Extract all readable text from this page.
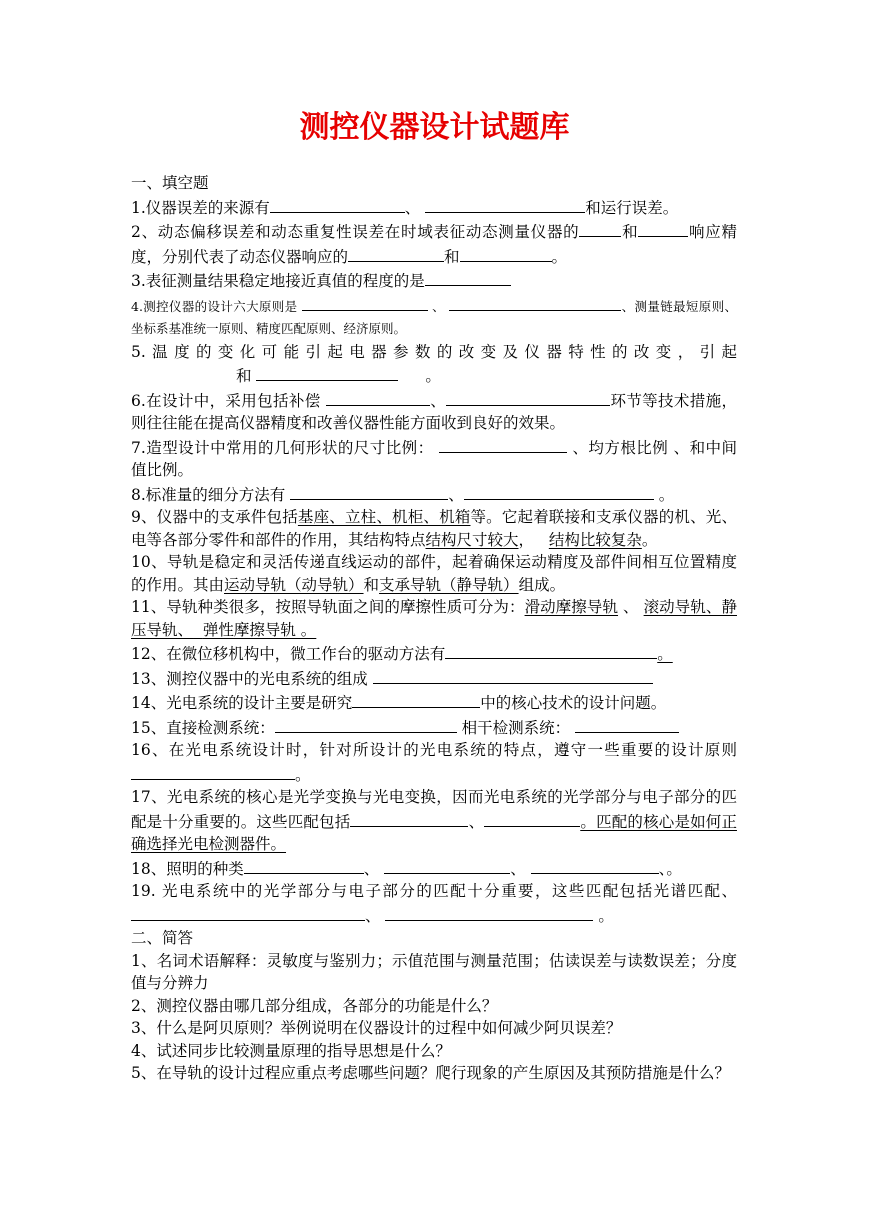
测控仪器设计试题库

一、填空题

1.仪器误差的来源有	、	和运行误差。

2、动态偏移误差和动态重复性误差在时域表征动态测量仪器的	和	响应精度，分别代表了动态仪器响应的	和	。

3.表征测量结果稳定地接近真值的程度的是

4.测控仪器的设计六大原则是	、	、测量链最短原则、坐标系基准统一原则、精度匹配原则、经济原则。

5.温度的变化可能引起电器参数的改变及仪器特性的改变，引起
和	。

6.在设计中，采用包括补偿	、	环节等技术措施，则往往能在提高仪器精度和改善仪器性能方面收到良好的效果。

7.造型设计中常用的几何形状的尺寸比例：	、均方根比例 、和中间值比例。

8.标准量的细分方法有	、	。

9、仪器中的支承件包括基座、立柱、机柜、机箱等。它起着联接和支承仪器的机、光、电等各部分零件和部件的作用，其结构特点结构尺寸较大， 结构比较复杂。

10、导轨是稳定和灵活传递直线运动的部件，起着确保运动精度及部件间相互位置精度的作用。其由运动导轨（动导轨）和支承导轨（静导轨）组成。

11、导轨种类很多，按照导轨面之间的摩擦性质可分为：滑动摩擦导轨 、 滚动导轨、静压导轨、 弹性摩擦导轨 。

12、在微位移机构中，微工作台的驱动方法有	。

13、测控仪器中的光电系统的组成

14、光电系统的设计主要是研究	中的核心技术的设计问题。

15、直接检测系统：	相干检测系统：

16、在光电系统设计时，针对所设计的光电系统的特点，遵守一些重要的设计原则。

17、光电系统的核心是光学变换与光电变换，因而光电系统的光学部分与电子部分的匹配是十分重要的。这些匹配包括	、	。匹配的核心是如何正确选择光电检测器件。

18、照明的种类	、	、	、。

19. 光电系统中的光学部分与电子部分的匹配十分重要，这些匹配包括光谱匹配、、	。

二、简答

1、名词术语解释：灵敏度与鉴别力；示值范围与测量范围；估读误差与读数误差；分度值与分辨力

2、测控仪器由哪几部分组成，各部分的功能是什么？

3、什么是阿贝原则？举例说明在仪器设计的过程中如何减少阿贝误差？

4、试述同步比较测量原理的指导思想是什么？

5、在导轨的设计过程应重点考虑哪些问题？爬行现象的产生原因及其预防措施是什么？
